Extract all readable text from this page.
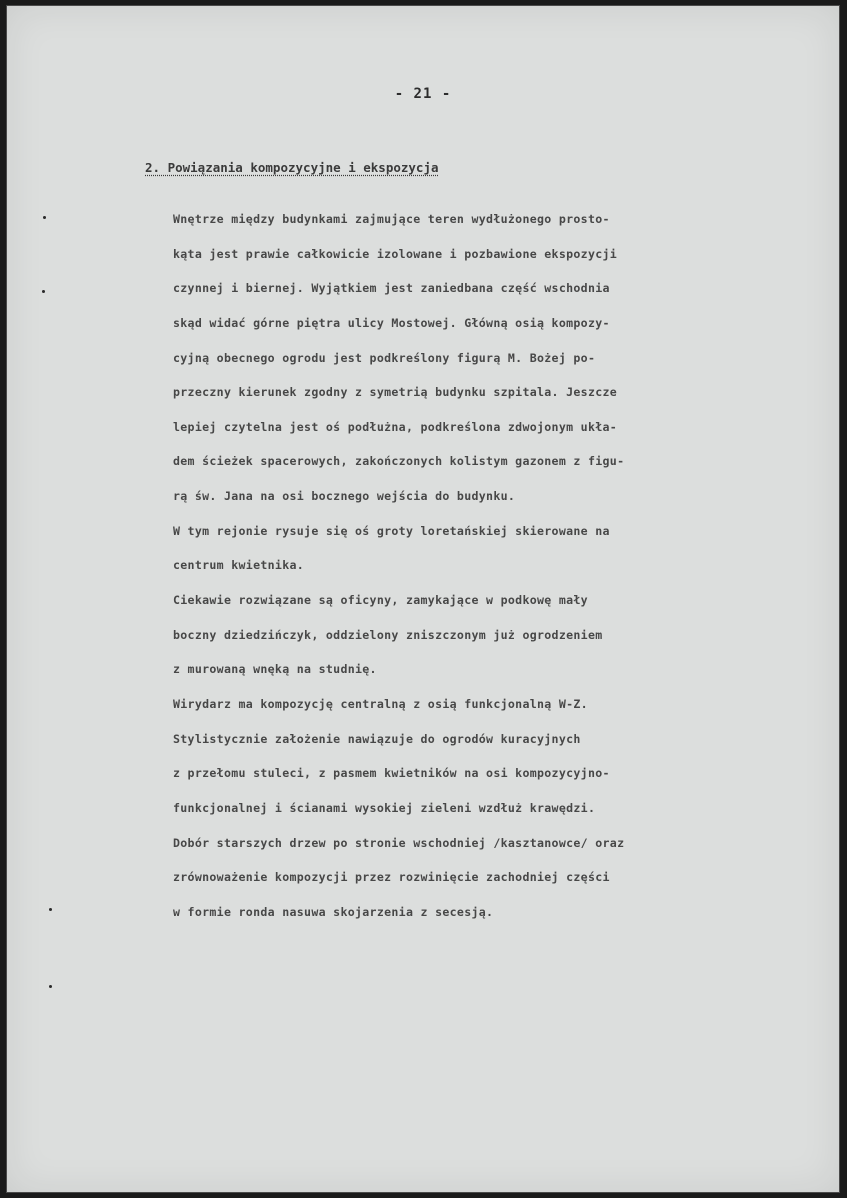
- 21 -
2. Powiązania kompozycyjne i ekspozycja
Wnętrze między budynkami zajmujące teren wydłużonego prosto-
kąta jest prawie całkowicie izolowane i pozbawione ekspozycji
czynnej i biernej. Wyjątkiem jest zaniedbana część wschodnia
skąd widać górne piętra ulicy Mostowej. Główną osią kompozy-
cyjną obecnego ogrodu jest podkreślony figurą M. Bożej po-
przeczny kierunek zgodny z symetrią budynku szpitala. Jeszcze
lepiej czytelna jest oś podłużna, podkreślona zdwojonym ukła-
dem ścieżek spacerowych, zakończonych kolistym gazonem z figu-
rą św. Jana na osi bocznego wejścia do budynku.
W tym rejonie rysuje się oś groty loretańskiej skierowane na
centrum kwietnika.
Ciekawie rozwiązane są oficyny, zamykające w podkowę mały
boczny dziedzińczyk, oddzielony zniszczonym już ogrodzeniem
z murowaną wnęką na studnię.
Wirydarz ma kompozycję centralną z osią funkcjonalną W-Z.
Stylistycznie założenie nawiązuje do ogrodów kuracyjnych
z przełomu stuleci, z pasmem kwietników na osi kompozycyjno-
funkcjonalnej i ścianami wysokiej zieleni wzdłuż krawędzi.
Dobór starszych drzew po stronie wschodniej /kasztanowce/ oraz
zrównoważenie kompozycji przez rozwinięcie zachodniej części
w formie ronda nasuwa skojarzenia z secesją.
